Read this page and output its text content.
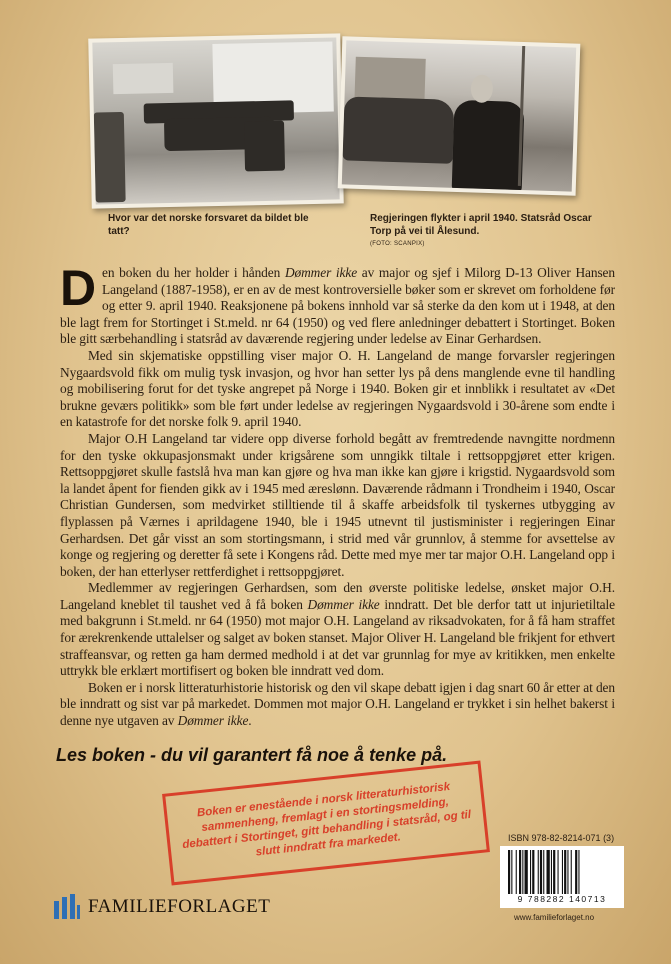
Hvor var det norske forsvaret da bildet ble tatt?
Regjeringen flykter i april 1940. Statsråd Oscar Torp på vei til Ålesund.
(FOTO: SCANPIX)

Den boken du her holder i hånden Dømmer ikke av major og sjef i Milorg D-13 Oliver Hansen Langeland (1887-1958), er en av de mest kontroversielle bøker som er skrevet om forholdene før og etter 9. april 1940. Reaksjonene på bokens innhold var så sterke da den kom ut i 1948, at den ble lagt frem for Stortinget i St.meld. nr 64 (1950) og ved flere anledninger debattert i Stortinget. Boken ble gitt særbehandling i statsråd av daværende regjering under ledelse av Einar Gerhardsen.

Med sin skjematiske oppstilling viser major O. H. Langeland de mange forvarsler regjeringen Nygaardsvold fikk om mulig tysk invasjon, og hvor han setter lys på dens manglende evne til handling og mobilisering forut for det tyske angrepet på Norge i 1940. Boken gir et innblikk i resultatet av «Det brukne geværs politikk» som ble ført under ledelse av regjeringen Nygaardsvold i 30-årene som endte i en katastrofe for det norske folk 9. april 1940.

Major O.H Langeland tar videre opp diverse forhold begått av fremtredende navngitte nordmenn for den tyske okkupasjonsmakt under krigsårene som unngikk tiltale i rettsoppgjøret etter krigen. Rettsoppgjøret skulle fastslå hva man kan gjøre og hva man ikke kan gjøre i krigstid. Nygaardsvold som la landet åpent for fienden gikk av i 1945 med æreslønn. Daværende rådmann i Trondheim i 1940, Oscar Christian Gundersen, som medvirket stilltiende til å skaffe arbeidsfolk til tyskernes utbygging av flyplassen på Værnes i aprildagene 1940, ble i 1945 utnevnt til justisminister i regjeringen Einar Gerhardsen. Det går visst an som stortingsmann, i strid med vår grunnlov, å stemme for avsettelse av konge og regjering og deretter få sete i Kongens råd. Dette med mye mer tar major O.H. Langeland opp i boken, der han etterlyser rettferdighet i rettsoppgjøret.

Medlemmer av regjeringen Gerhardsen, som den øverste politiske ledelse, ønsket major O.H. Langeland kneblet til taushet ved å få boken Dømmer ikke inndratt. Det ble derfor tatt ut injurietiltale med bakgrunn i St.meld. nr 64 (1950) mot major O.H. Langeland av riksadvokaten, for å få ham straffet for ærekrenkende uttalelser og salget av boken stanset. Major Oliver H. Langeland ble frikjent for ethvert straffeansvar, og retten ga ham dermed medhold i at det var grunnlag for mye av kritikken, men enkelte uttrykk ble erklært mortifisert og boken ble inndratt ved dom.

Boken er i norsk litteraturhistorie historisk og den vil skape debatt igjen i dag snart 60 år etter at den ble inndratt og sist var på markedet. Dommen mot major O.H. Langeland er trykket i sin helhet bakerst i denne nye utgaven av Dømmer ikke.

Les boken - du vil garantert få noe å tenke på.
Boken er enestående i norsk litteraturhistorisk sammenheng, fremlagt i en stortingsmelding, debattert i Stortinget, gitt behandling i statsråd, og til slutt inndratt fra markedet.	ISBN 978-82-8214-071 (3)
9 788282 140713
www.familieforlaget.no
FAMILIEFORLAGET
